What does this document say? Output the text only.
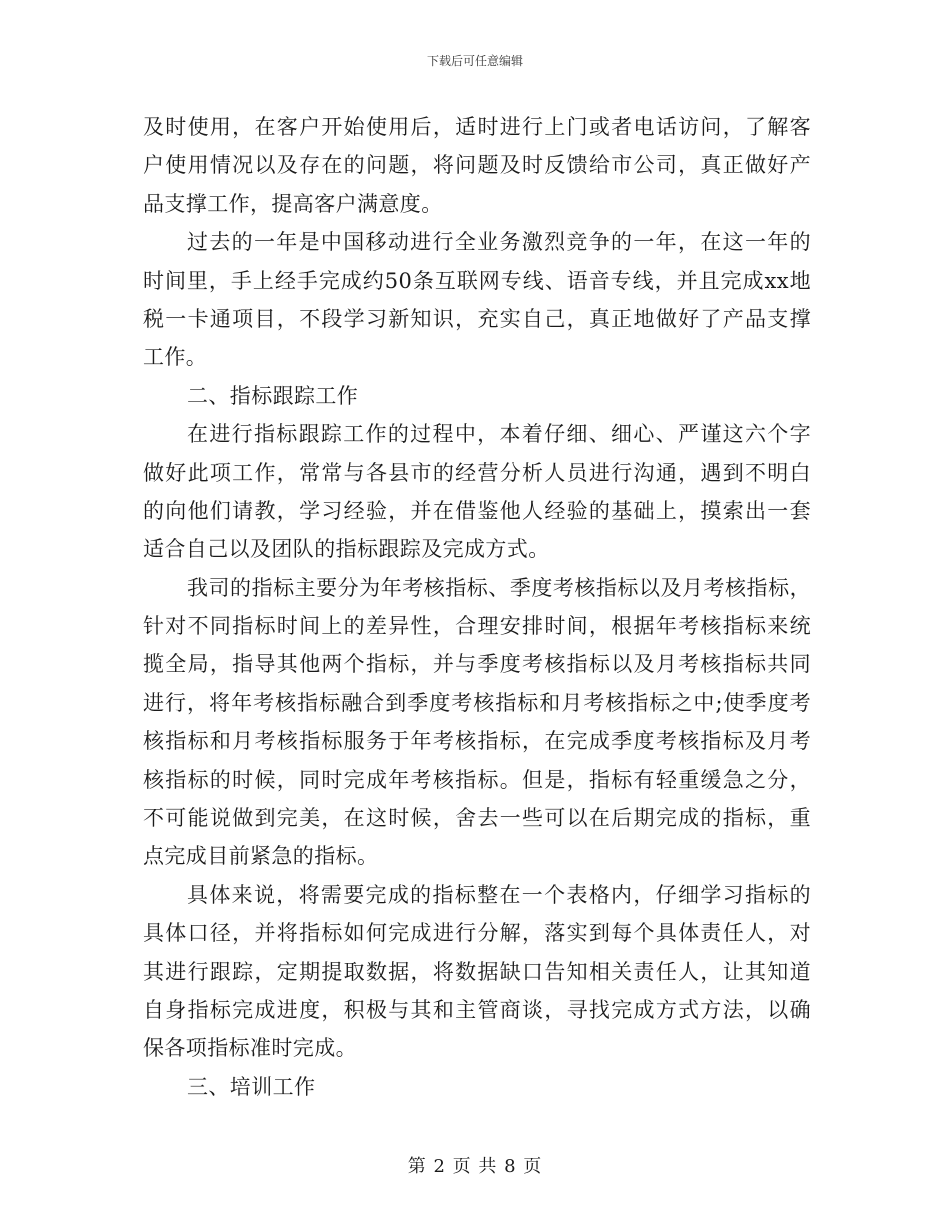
下载后可任意编辑
及时使用，在客户开始使用后，适时进行上门或者电话访问，了解客
户使用情况以及存在的问题，将问题及时反馈给市公司，真正做好产
品支撑工作，提高客户满意度。
过去的一年是中国移动进行全业务激烈竞争的一年，在这一年的
时间里，手上经手完成约50条互联网专线、语音专线，并且完成xx地
税一卡通项目，不段学习新知识，充实自己，真正地做好了产品支撑
工作。
二、指标跟踪工作
在进行指标跟踪工作的过程中，本着仔细、细心、严谨这六个字
做好此项工作，常常与各县市的经营分析人员进行沟通，遇到不明白
的向他们请教，学习经验，并在借鉴他人经验的基础上，摸索出一套
适合自己以及团队的指标跟踪及完成方式。
我司的指标主要分为年考核指标、季度考核指标以及月考核指标，
针对不同指标时间上的差异性，合理安排时间，根据年考核指标来统
揽全局，指导其他两个指标，并与季度考核指标以及月考核指标共同
进行，将年考核指标融合到季度考核指标和月考核指标之中;使季度考
核指标和月考核指标服务于年考核指标，在完成季度考核指标及月考
核指标的时候，同时完成年考核指标。但是，指标有轻重缓急之分，
不可能说做到完美，在这时候，舍去一些可以在后期完成的指标，重
点完成目前紧急的指标。
具体来说，将需要完成的指标整在一个表格内，仔细学习指标的
具体口径，并将指标如何完成进行分解，落实到每个具体责任人，对
其进行跟踪，定期提取数据，将数据缺口告知相关责任人，让其知道
自身指标完成进度，积极与其和主管商谈，寻找完成方式方法，以确
保各项指标准时完成。
三、培训工作
第 2 页 共 8 页
